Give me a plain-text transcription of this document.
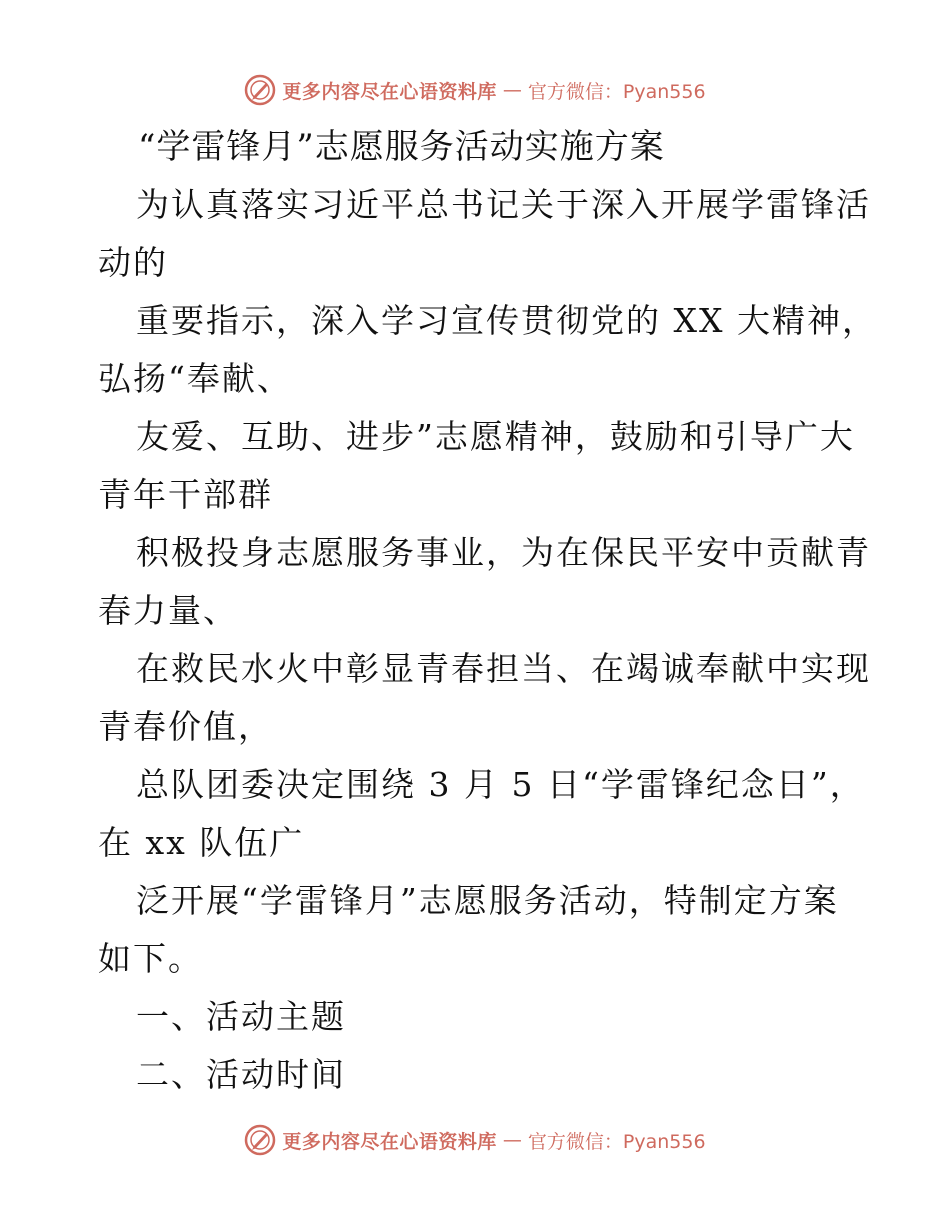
更多内容尽在心语资料库 — 官方微信：Pyan556
“学雷锋月”志愿服务活动实施方案
为认真落实习近平总书记关于深入开展学雷锋活
动的
重要指示，深入学习宣传贯彻党的 XX 大精神，
弘扬“奉献、
友爱、互助、进步”志愿精神，鼓励和引导广大
青年干部群
积极投身志愿服务事业，为在保民平安中贡献青
春力量、
在救民水火中彰显青春担当、在竭诚奉献中实现
青春价值，
总队团委决定围绕 3 月 5 日“学雷锋纪念日”，
在 xx 队伍广
泛开展“学雷锋月”志愿服务活动，特制定方案
如下。
一、活动主题
二、活动时间
更多内容尽在心语资料库 — 官方微信：Pyan556
